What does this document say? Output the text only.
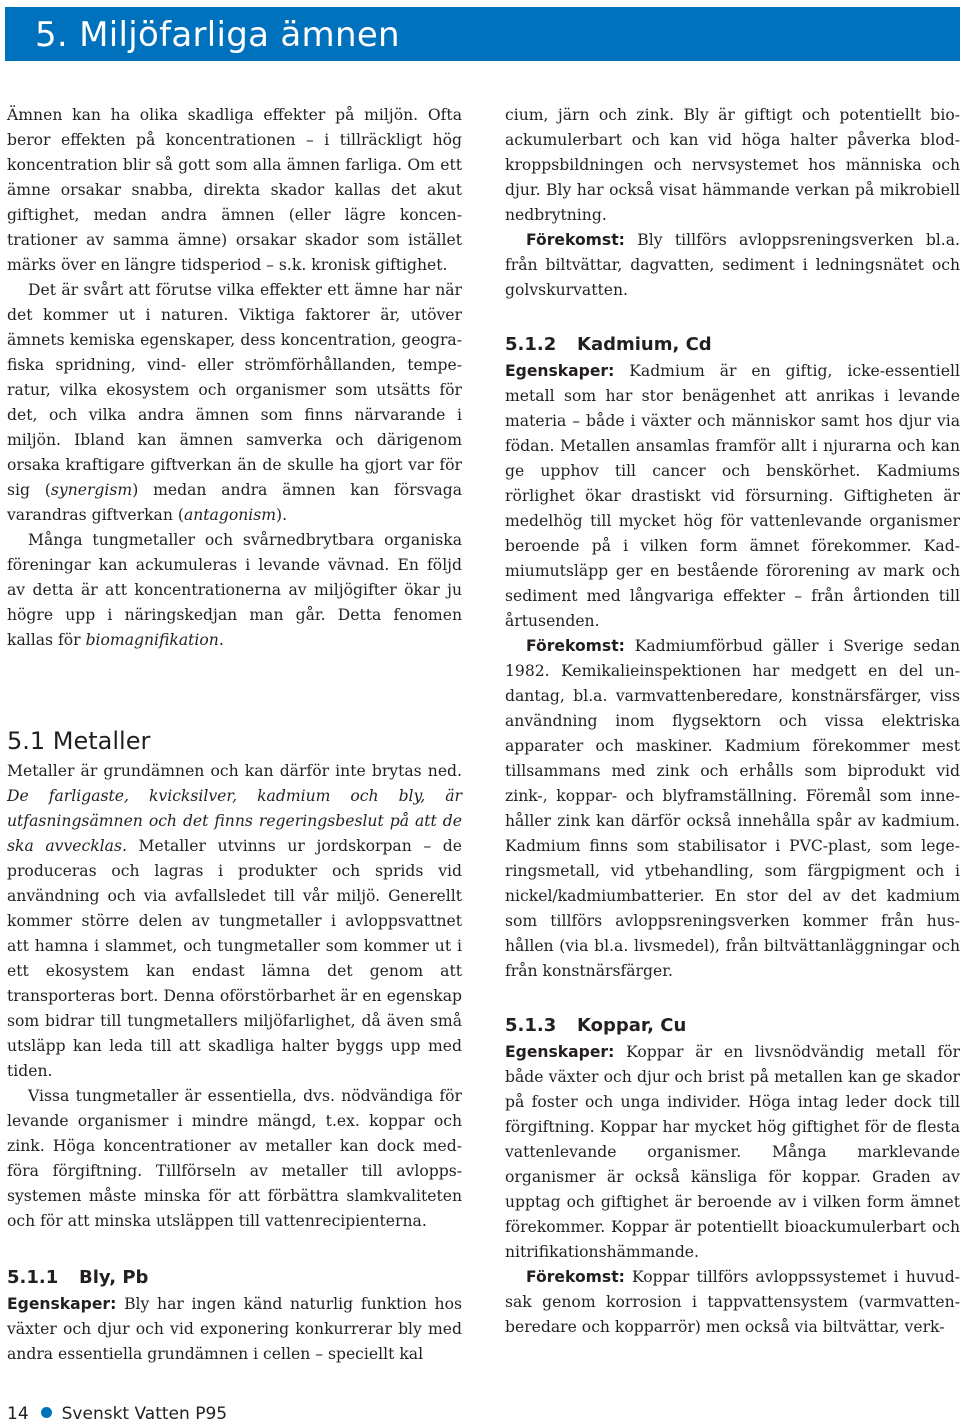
5. Miljöfarliga ämnen

Ämnen kan ha olika skadliga effekter på miljön. Ofta beror effekten på koncentrationen – i tillräckligt hög koncentration blir så gott som alla ämnen farliga. Om ett ämne orsakar snabba, direkta skador kallas det akut giftighet, medan andra ämnen (eller lägre koncentrationer av samma ämne) orsakar skador som istället märks över en längre tidsperiod – s.k. kronisk giftighet.

Det är svårt att förutse vilka effekter ett ämne har när det kommer ut i naturen. Viktiga faktorer är, utöver ämnets kemiska egenskaper, dess koncentration, geografiska spridning, vind- eller strömförhållanden, temperatur, vilka ekosystem och organismer som utsätts för det, och vilka andra ämnen som finns närvarande i miljön. Ibland kan ämnen samverka och därigenom orsaka kraftigare giftverkan än de skulle ha gjort var för sig (synergism) medan andra ämnen kan försvaga varandras giftverkan (antagonism).

Många tungmetaller och svårnedbrytbara organiska föreningar kan ackumuleras i levande vävnad. En följd av detta är att koncentrationerna av miljögifter ökar ju högre upp i näringskedjan man går. Detta fenomen kallas för biomagnifikation.

5.1 Metaller

Metaller är grundämnen och kan därför inte brytas ned. De farligaste, kvicksilver, kadmium och bly, är utfasningsämnen och det finns regeringsbeslut på att de ska avvecklas. Metaller utvinns ur jordskorpan – de produceras och lagras i produkter och sprids vid användning och via avfallsledet till vår miljö. Generellt kommer större delen av tungmetaller i avloppsvattnet att hamna i slammet, och tungmetaller som kommer ut i ett ekosystem kan endast lämna det genom att transporteras bort. Denna oförstörbarhet är en egenskap som bidrar till tungmetallers miljöfarlighet, då även små utsläpp kan leda till att skadliga halter byggs upp med tiden.

Vissa tungmetaller är essentiella, dvs. nödvändiga för levande organismer i mindre mängd, t.ex. koppar och zink. Höga koncentrationer av metaller kan dock medföra förgiftning. Tillförseln av metaller till avloppssystemen måste minska för att förbättra slamkvaliteten och för att minska utsläppen till vattenrecipienterna.

5.1.1 Bly, Pb

Egenskaper: Bly har ingen känd naturlig funktion hos växter och djur och vid exponering konkurrerar bly med andra essentiella grundämnen i cellen – speciellt kal

cium, järn och zink. Bly är giftigt och potentiellt bioackumulerbart och kan vid höga halter påverka blodkroppsbildningen och nervsystemet hos människa och djur. Bly har också visat hämmande verkan på mikrobiell nedbrytning.

Förekomst: Bly tillförs avloppsreningsverken bl.a. från biltvättar, dagvatten, sediment i ledningsnätet och golvskurvatten.

5.1.2 Kadmium, Cd

Egenskaper: Kadmium är en giftig, icke-essentiell metall som har stor benägenhet att anrikas i levande materia – både i växter och människor samt hos djur via födan. Metallen ansamlas framför allt i njurarna och kan ge upphov till cancer och benskörhet. Kadmiums rörlighet ökar drastiskt vid försurning. Giftigheten är medelhög till mycket hög för vattenlevande organismer beroende på i vilken form ämnet förekommer. Kadmiumutsläpp ger en bestående förorening av mark och sediment med långvariga effekter – från årtionden till årtusenden.

Förekomst: Kadmiumförbud gäller i Sverige sedan 1982. Kemikalieinspektionen har medgett en del undantag, bl.a. varmvattenberedare, konstnärsfärger, viss användning inom flygsektorn och vissa elektriska apparater och maskiner. Kadmium förekommer mest tillsammans med zink och erhålls som biprodukt vid zink-, koppar- och blyframställning. Föremål som innehåller zink kan därför också innehålla spår av kadmium. Kadmium finns som stabilisator i PVC-plast, som legeringsmetall, vid ytbehandling, som färgpigment och i nickel/kadmiumbatterier. En stor del av det kadmium som tillförs avloppsreningsverken kommer från hushållen (via bl.a. livsmedel), från biltvättanläggningar och från konstnärsfärger.

5.1.3 Koppar, Cu

Egenskaper: Koppar är en livsnödvändig metall för både växter och djur och brist på metallen kan ge skador på foster och unga individer. Höga intag leder dock till förgiftning. Koppar har mycket hög giftighet för de flesta vattenlevande organismer. Många marklevande organismer är också känsliga för koppar. Graden av upptag och giftighet är beroende av i vilken form ämnet förekommer. Koppar är potentiellt bioackumulerbart och nitrifikationshämmande.

Förekomst: Koppar tillförs avloppssystemet i huvudsak genom korrosion i tappvattensystem (varmvattenberedare och kopparrör) men också via biltvättar, verk-

14 Svenskt Vatten P95
